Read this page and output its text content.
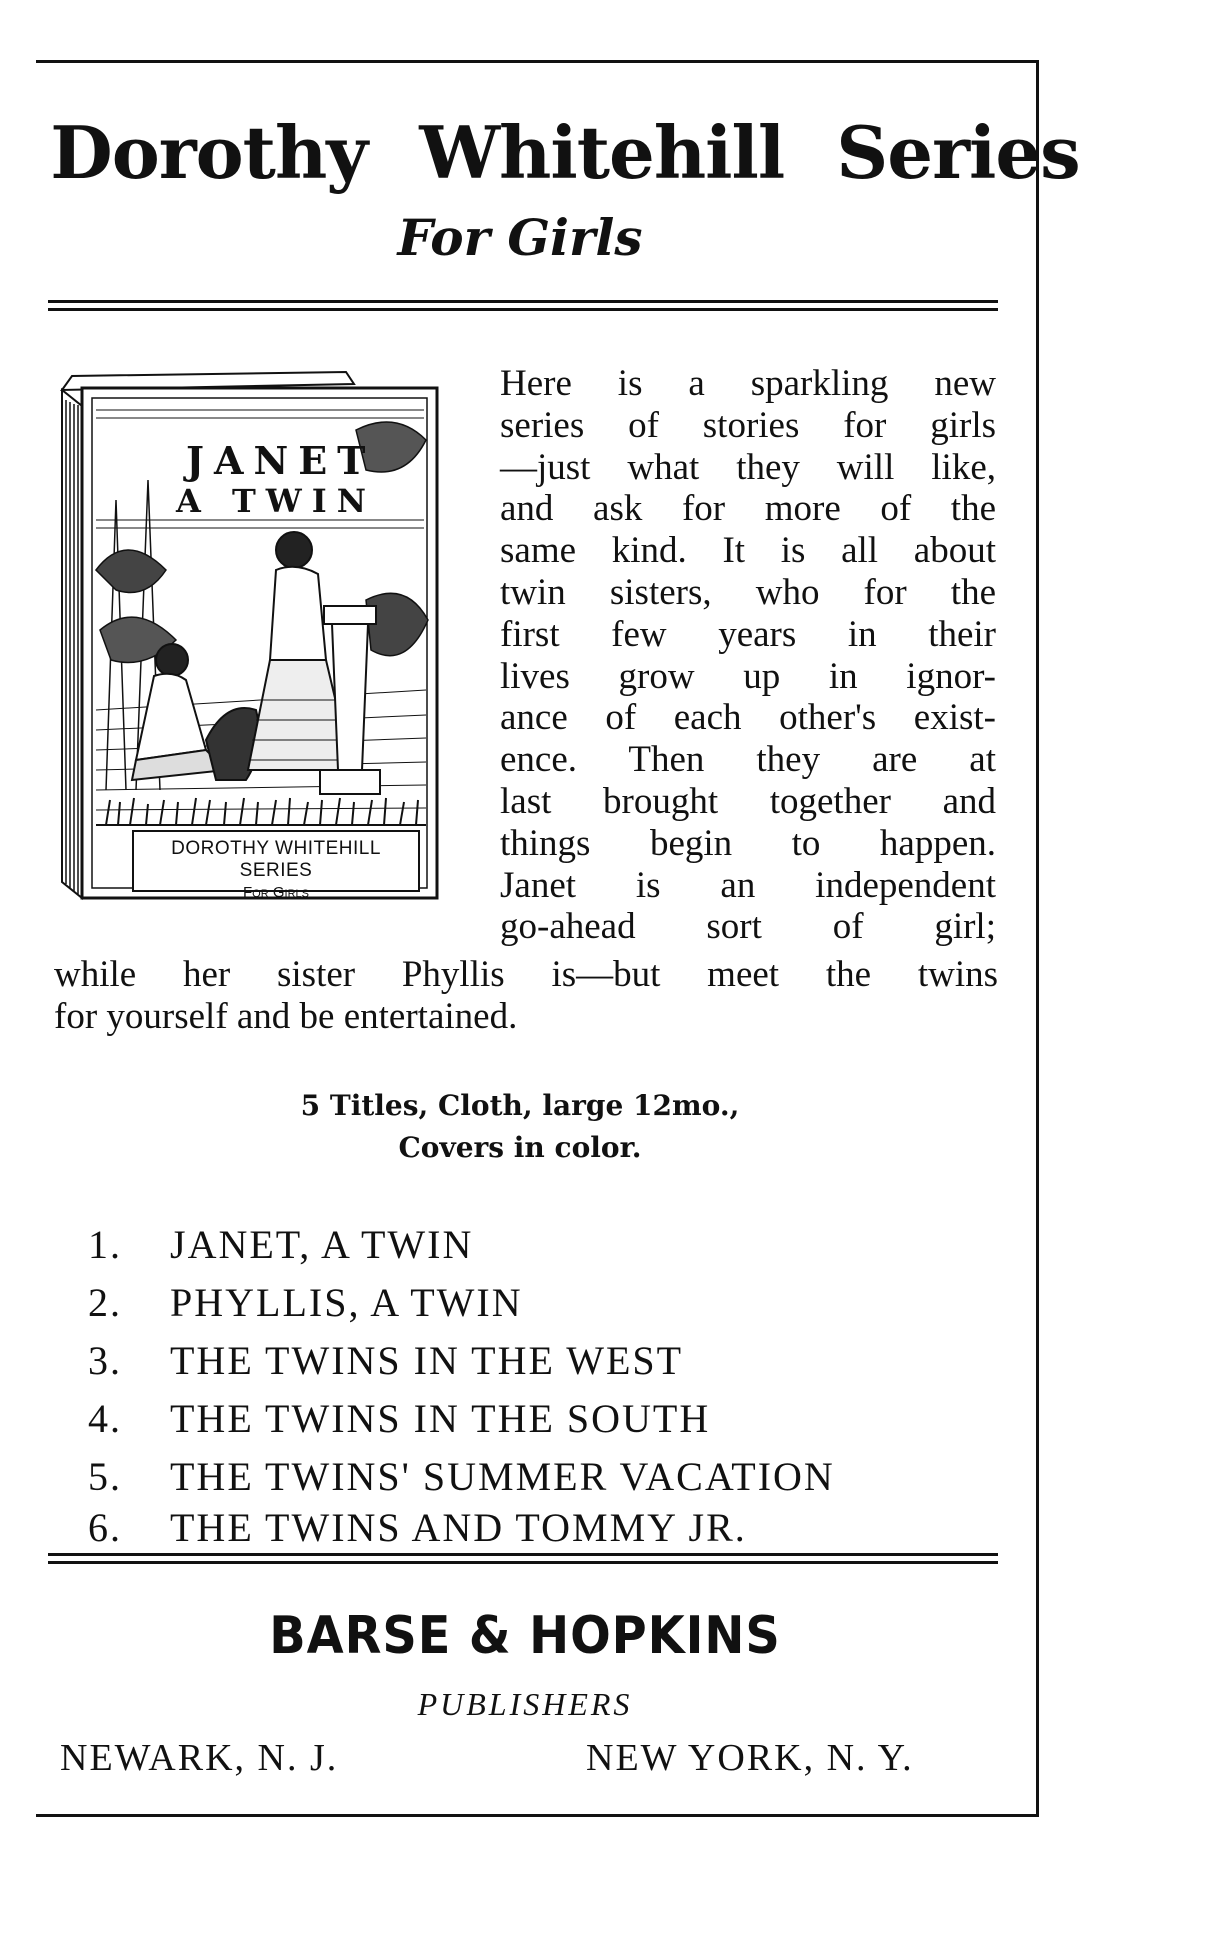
Dorothy Whitehill Series
For Girls

JANET

A TWIN

DOROTHY WHITEHILL SERIES
For Girls

Here is a sparkling new
series of stories for girls
—just what they will like,
and ask for more of the
same kind. It is all about
twin sisters, who for the
first few years in their
lives grow up in ignor-
ance of each other's exist-
ence. Then they are at
last brought together and
things begin to happen.
Janet is an independent
go-ahead sort of girl;

while her sister Phyllis is—but meet the twins
for yourself and be entertained.

5 Titles, Cloth, large 12mo.,
Covers in color.

1. JANET, A TWIN
2. PHYLLIS, A TWIN
3. THE TWINS IN THE WEST
4. THE TWINS IN THE SOUTH
5. THE TWINS' SUMMER VACATION
6. THE TWINS AND TOMMY JR.

BARSE & HOPKINS

PUBLISHERS

NEWARK, N. J.	NEW YORK, N. Y.
